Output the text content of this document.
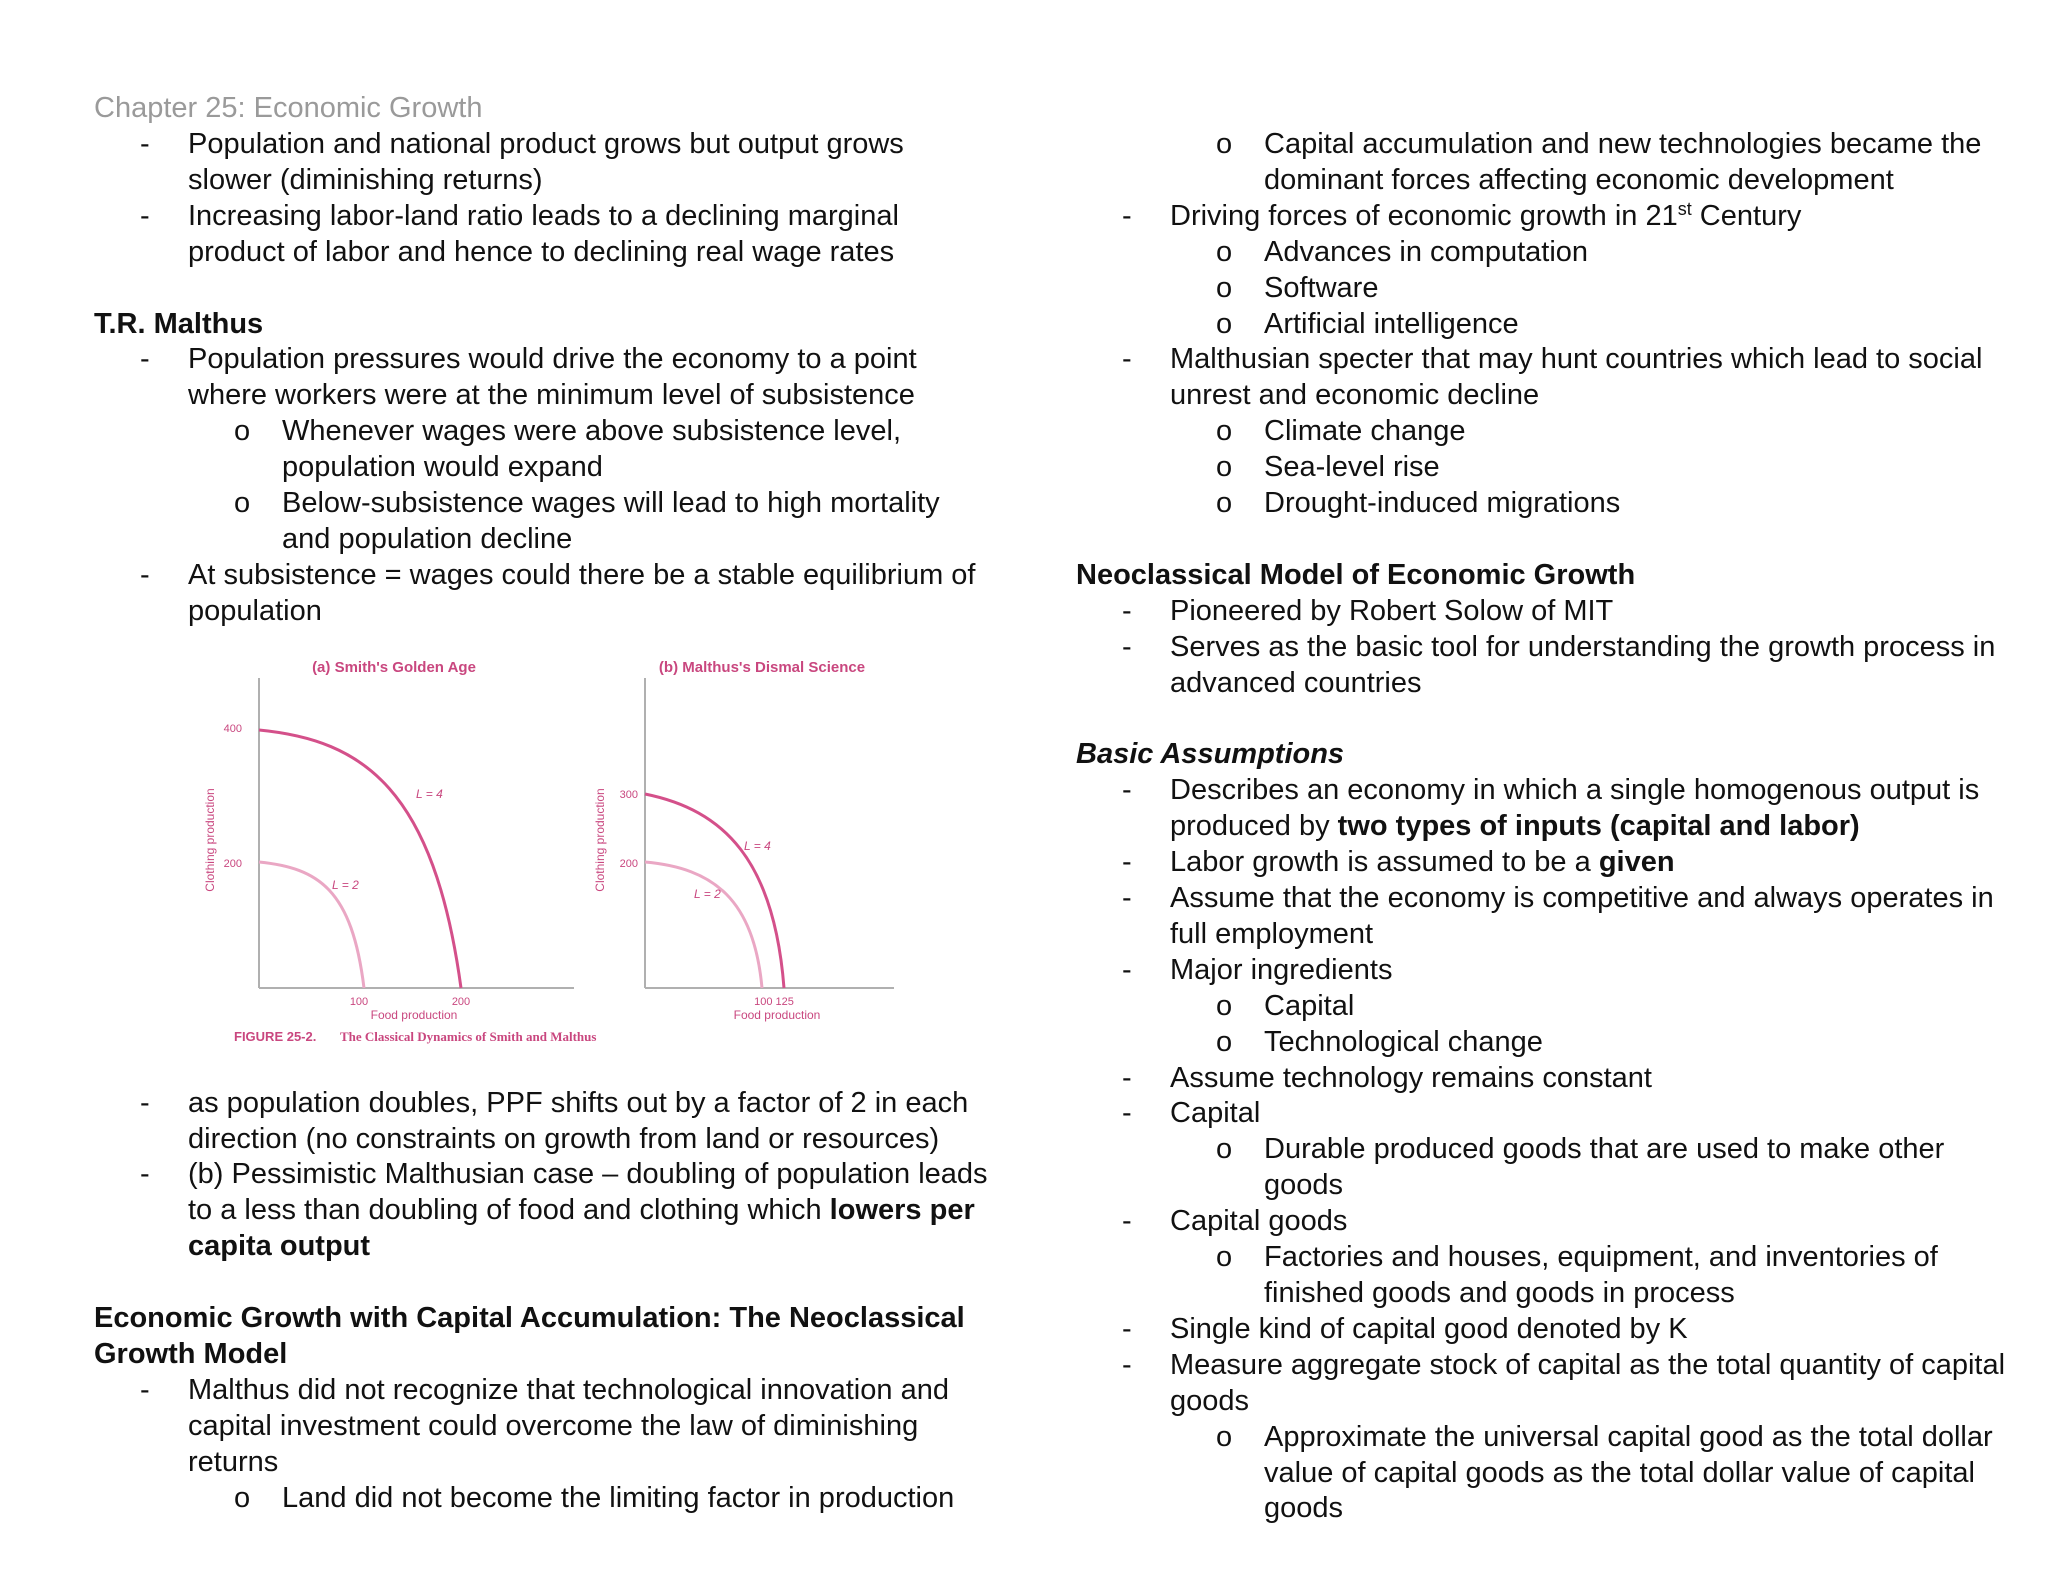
Chapter 25: Economic Growth
- Population and national product grows but output grows slower (diminishing returns)
- Increasing labor-land ratio leads to a declining marginal product of labor and hence to declining real wage rates
T.R. Malthus
- Population pressures would drive the economy to a point where workers were at the minimum level of subsistence
o Whenever wages were above subsistence level, population would expand
o Below-subsistence wages will lead to high mortality and population decline
- At subsistence = wages could there be a stable equilibrium of population
(a) Smith's Golden Age
400
200
Clothing production
100	200
Food production
L = 4
L = 2
(b) Malthus's Dismal Science
300
200
Clothing production
100 125
Food production
L = 4
L = 2
FIGURE 25-2. The Classical Dynamics of Smith and Malthus
- as population doubles, PPF shifts out by a factor of 2 in each direction (no constraints on growth from land or resources)
- (b) Pessimistic Malthusian case – doubling of population leads to a less than doubling of food and clothing which lowers per capita output
Economic Growth with Capital Accumulation: The Neoclassical Growth Model
- Malthus did not recognize that technological innovation and capital investment could overcome the law of diminishing returns
o Land did not become the limiting factor in production
o Capital accumulation and new technologies became the dominant forces affecting economic development
- Driving forces of economic growth in 21st Century
o Advances in computation
o Software
o Artificial intelligence
- Malthusian specter that may hunt countries which lead to social unrest and economic decline
o Climate change
o Sea-level rise
o Drought-induced migrations
Neoclassical Model of Economic Growth
- Pioneered by Robert Solow of MIT
- Serves as the basic tool for understanding the growth process in advanced countries
Basic Assumptions
- Describes an economy in which a single homogenous output is produced by two types of inputs (capital and labor)
- Labor growth is assumed to be a given
- Assume that the economy is competitive and always operates in full employment
- Major ingredients
o Capital
o Technological change
- Assume technology remains constant
- Capital
o Durable produced goods that are used to make other goods
- Capital goods
o Factories and houses, equipment, and inventories of finished goods and goods in process
- Single kind of capital good denoted by K
- Measure aggregate stock of capital as the total quantity of capital goods
o Approximate the universal capital good as the total dollar value of capital goods as the total dollar value of capital goods
